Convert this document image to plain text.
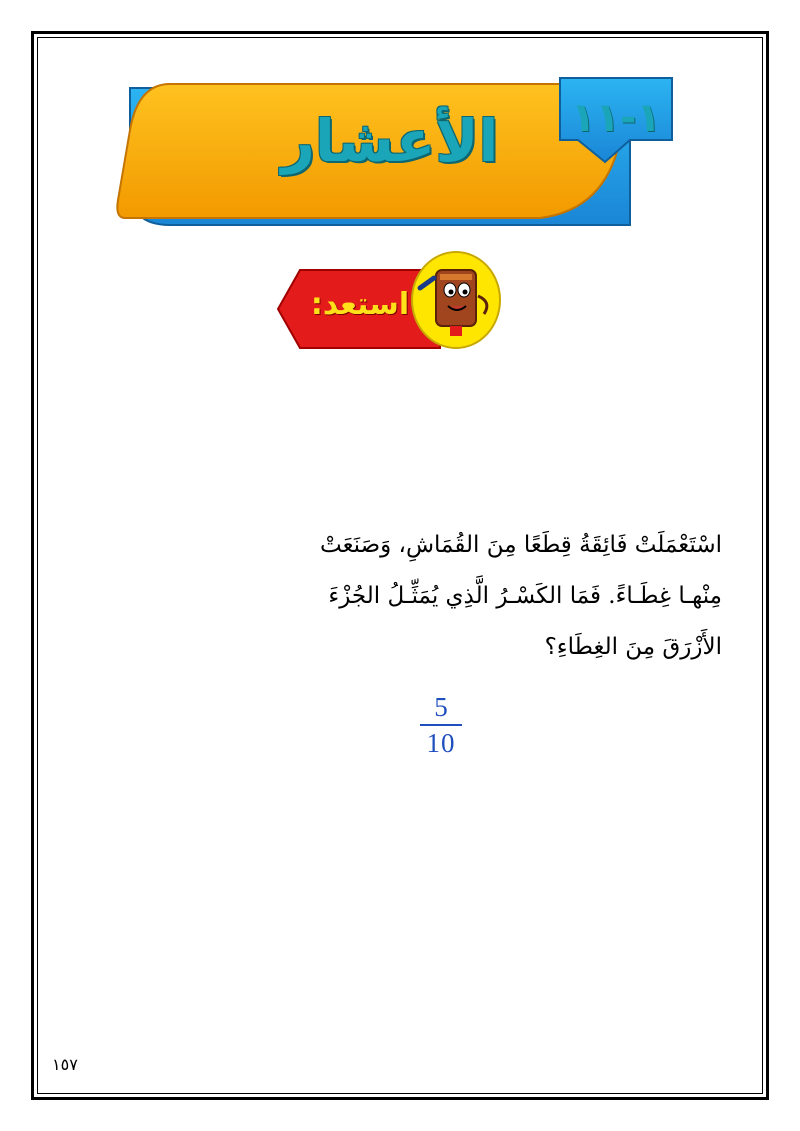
الأعشار	١-١١
استعد:
اسْتَعْمَلَتْ فَائِقَةُ قِطَعًا مِنَ القُمَاشِ، وَصَنَعَتْ
مِنْهـا غِطَـاءً. فَمَا الكَسْـرُ الَّذِي يُمَثِّـلُ الجُزْءَ
الأَزْرَقَ مِنَ الغِطَاءِ؟
5
10
١٥٧
